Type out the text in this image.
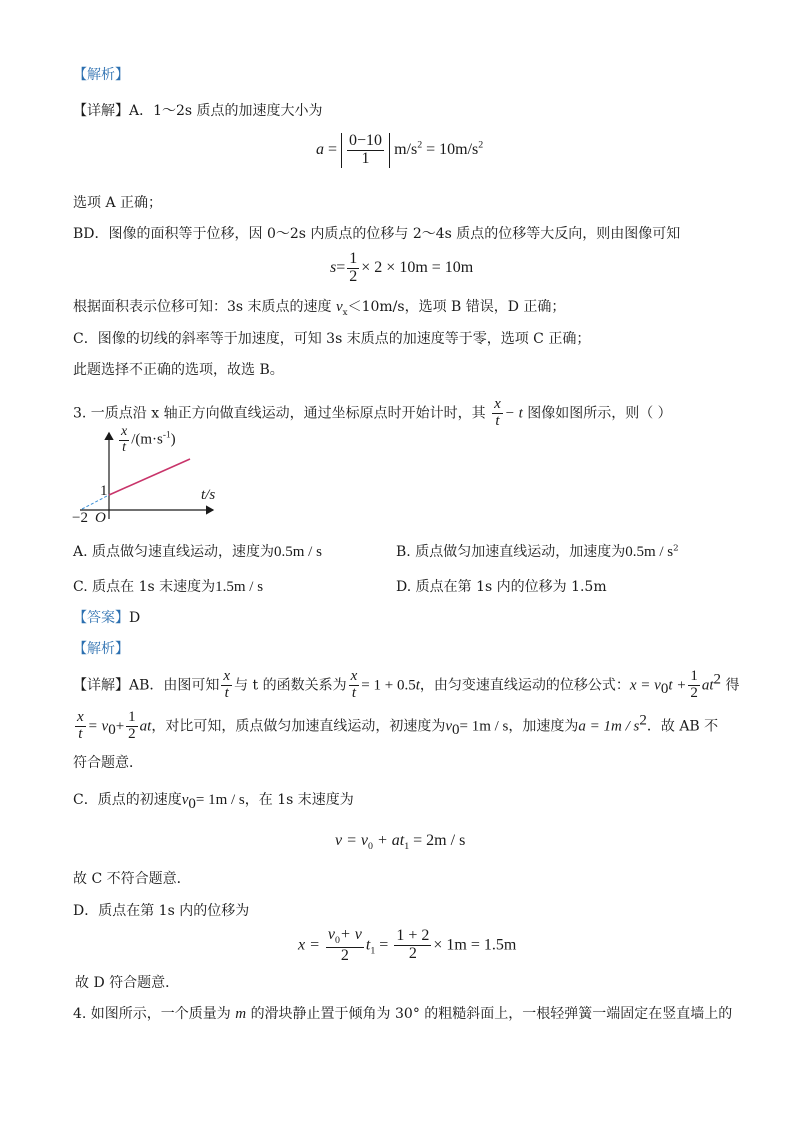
【解析】
【详解】A．1～2s 质点的加速度大小为
$a = \frac{0-10}{1} m/s^2 = 10m/s^2$
选项 A 正确；
BD．图像的面积等于位移，因 0～2s 内质点的位移与 2～4s 质点的位移等大反向，则由图像可知
$s= \frac{1}{2} \times 2 \times 10m = 10m$
根据面积表示位移可知：3s 末质点的速度 $v_x<10m/s$，选项 B 错误，D 正确；
C．图像的切线的斜率等于加速度，可知 3s 末质点的加速度等于零，选项 C 正确；
此题选择不正确的选项，故选 B。
3. 一质点沿 x 轴正方向做直线运动，通过坐标原点时开始计时，其 $\frac{x}{t} - t$ 图像如图所示，则（ ）
$\frac{x}{t} /(m\cdot s^{-1})$
t/s
1
−2 O
A. 质点做匀速直线运动，速度为0.5m / s	B. 质点做匀加速直线运动，加速度为$0.5m / s^2$
C. 质点在 1s 末速度为1.5m / s	D. 质点在第 1s 内的位移为 1.5m
【答案】D
【解析】
【详解】AB．由图可知 $\frac{x}{t}$ 与 t 的函数关系为 $\frac{x}{t} = 1 + 0.5t$，由匀变速直线运动的位移公式：$x = v_0t + \frac{1}{2} at^2$ 得
$\frac{x}{t} = v_0+ \frac{1}{2}$ at，对比可知，质点做匀加速直线运动，初速度为$v_0= 1m / s$，加速度为$a = 1m / s^2$．故 AB 不
符合题意．
C．质点的初速度$v_0= 1m / s$，在 1s 末速度为
$v = v_0 + at_1 = 2m / s$
故 C 不符合题意．
D．质点在第 1s 内的位移为
$x = \frac{v_0+ v}{2} t_1 = \frac{1 + 2}{2} \times 1m = 1.5m$
故 D 符合题意．
4. 如图所示，一个质量为 m 的滑块静止置于倾角为 30° 的粗糙斜面上，一根轻弹簧一端固定在竖直墙上的
